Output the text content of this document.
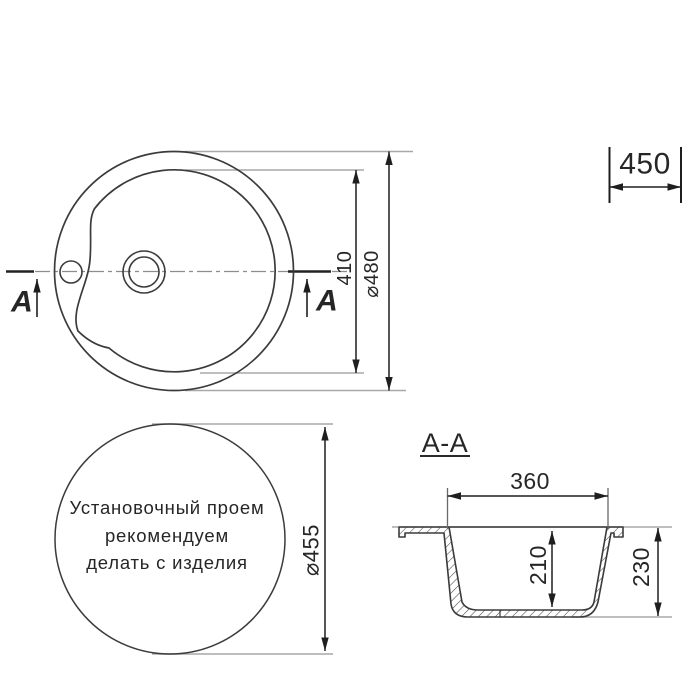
A	A
410 ⌀480
450
Установочный проем
рекомендуем
делать с изделия ⌀455
A-A
360
210	230
